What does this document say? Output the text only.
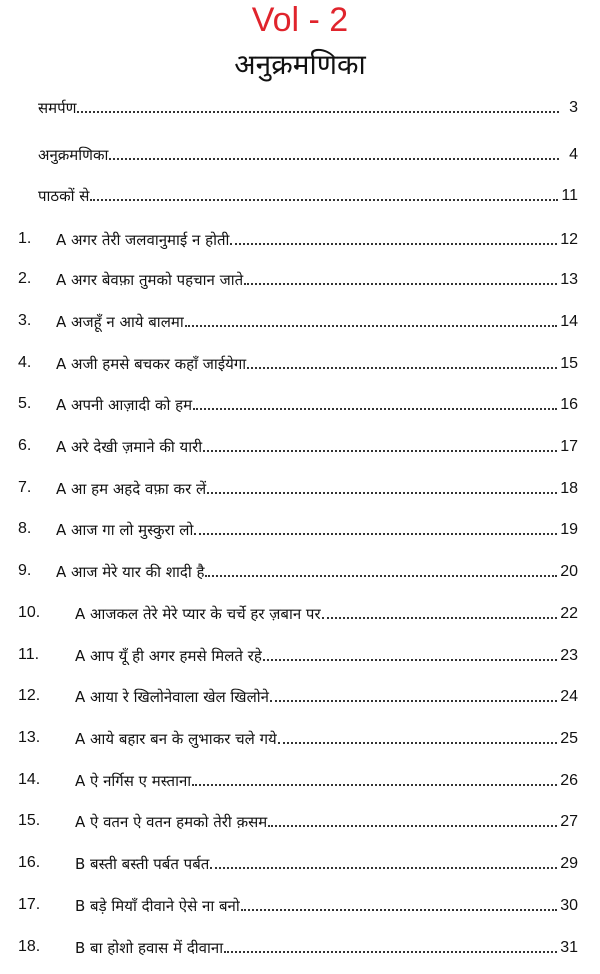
Vol - 2
अनुक्रमणिका
समर्पण	3
अनुक्रमणिका	4
पाठकों से	11
1. A अगर तेरी जलवानुमाई न होती	12
2. A अगर बेवफ़ा तुमको पहचान जाते	13
3. A अजहूँ न आये बालमा	14
4. A अजी हमसे बचकर कहाँ जाईयेगा	15
5. A अपनी आज़ादी को हम	16
6. A अरे देखी ज़माने की यारी	17
7. A आ हम अहदे वफ़ा कर लें	18
8. A आज गा लो मुस्कुरा लो	19
9. A आज मेरे यार की शादी है	20
10. A आजकल तेरे मेरे प्यार के चर्चे हर ज़बान पर	22
11. A आप यूँ ही अगर हमसे मिलते रहे	23
12. A आया रे खिलोनेवाला खेल खिलोने	24
13. A आये बहार बन के लुभाकर चले गये	25
14. A ऐ नर्गिस ए मस्ताना	26
15. A ऐ वतन ऐ वतन हमको तेरी क़सम	27
16. B बस्ती बस्ती पर्बत पर्बत	29
17. B बड़े मियाँ दीवाने ऐसे ना बनो	30
18. B बा होशो हवास में दीवाना	31
